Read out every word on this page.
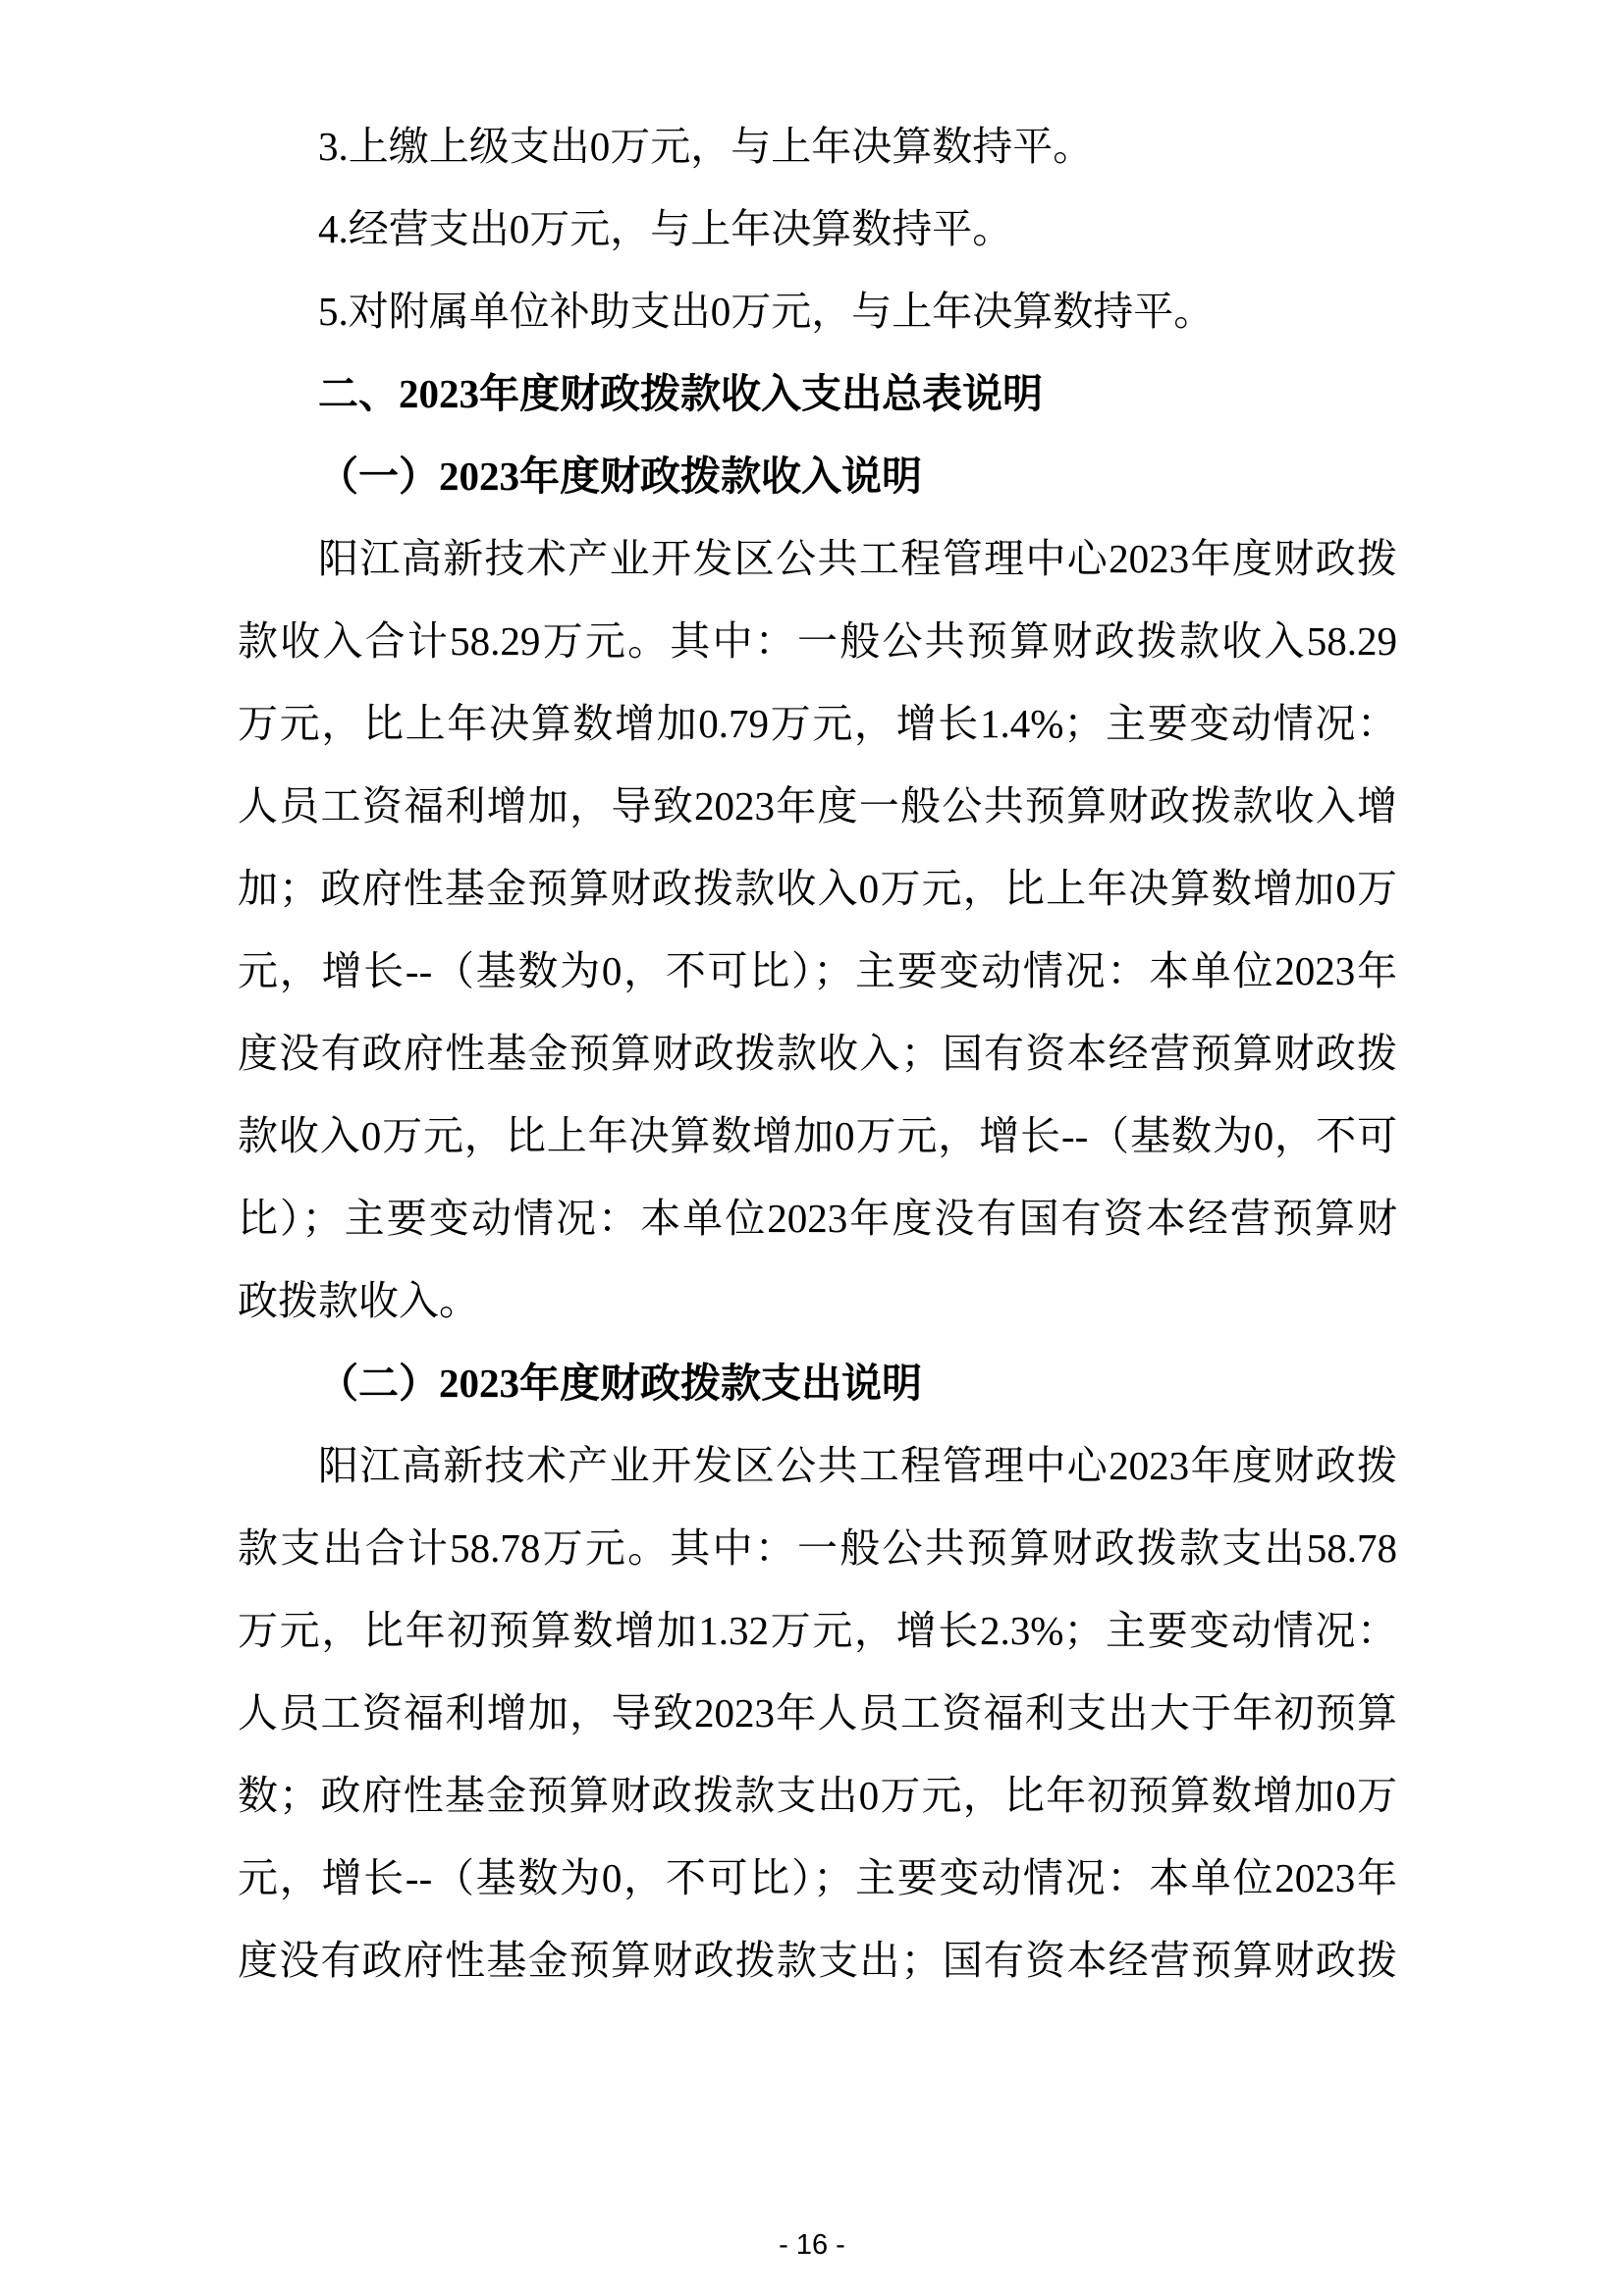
3.上缴上级支出0万元，与上年决算数持平。
4.经营支出0万元，与上年决算数持平。
5.对附属单位补助支出0万元，与上年决算数持平。
二、2023年度财政拨款收入支出总表说明
（一）2023年度财政拨款收入说明
阳江高新技术产业开发区公共工程管理中心2023年度财政拨
款收入合计58.29万元。其中：一般公共预算财政拨款收入58.29
万元，比上年决算数增加0.79万元，增长1.4%；主要变动情况：
人员工资福利增加，导致2023年度一般公共预算财政拨款收入增
加；政府性基金预算财政拨款收入0万元，比上年决算数增加0万
元，增长--（基数为0，不可比）；主要变动情况：本单位2023年
度没有政府性基金预算财政拨款收入；国有资本经营预算财政拨
款收入0万元，比上年决算数增加0万元，增长--（基数为0，不可
比）；主要变动情况：本单位2023年度没有国有资本经营预算财
政拨款收入。
（二）2023年度财政拨款支出说明
阳江高新技术产业开发区公共工程管理中心2023年度财政拨
款支出合计58.78万元。其中：一般公共预算财政拨款支出58.78
万元，比年初预算数增加1.32万元，增长2.3%；主要变动情况：
人员工资福利增加，导致2023年人员工资福利支出大于年初预算
数；政府性基金预算财政拨款支出0万元，比年初预算数增加0万
元，增长--（基数为0，不可比）；主要变动情况：本单位2023年
度没有政府性基金预算财政拨款支出；国有资本经营预算财政拨
- 16 -
